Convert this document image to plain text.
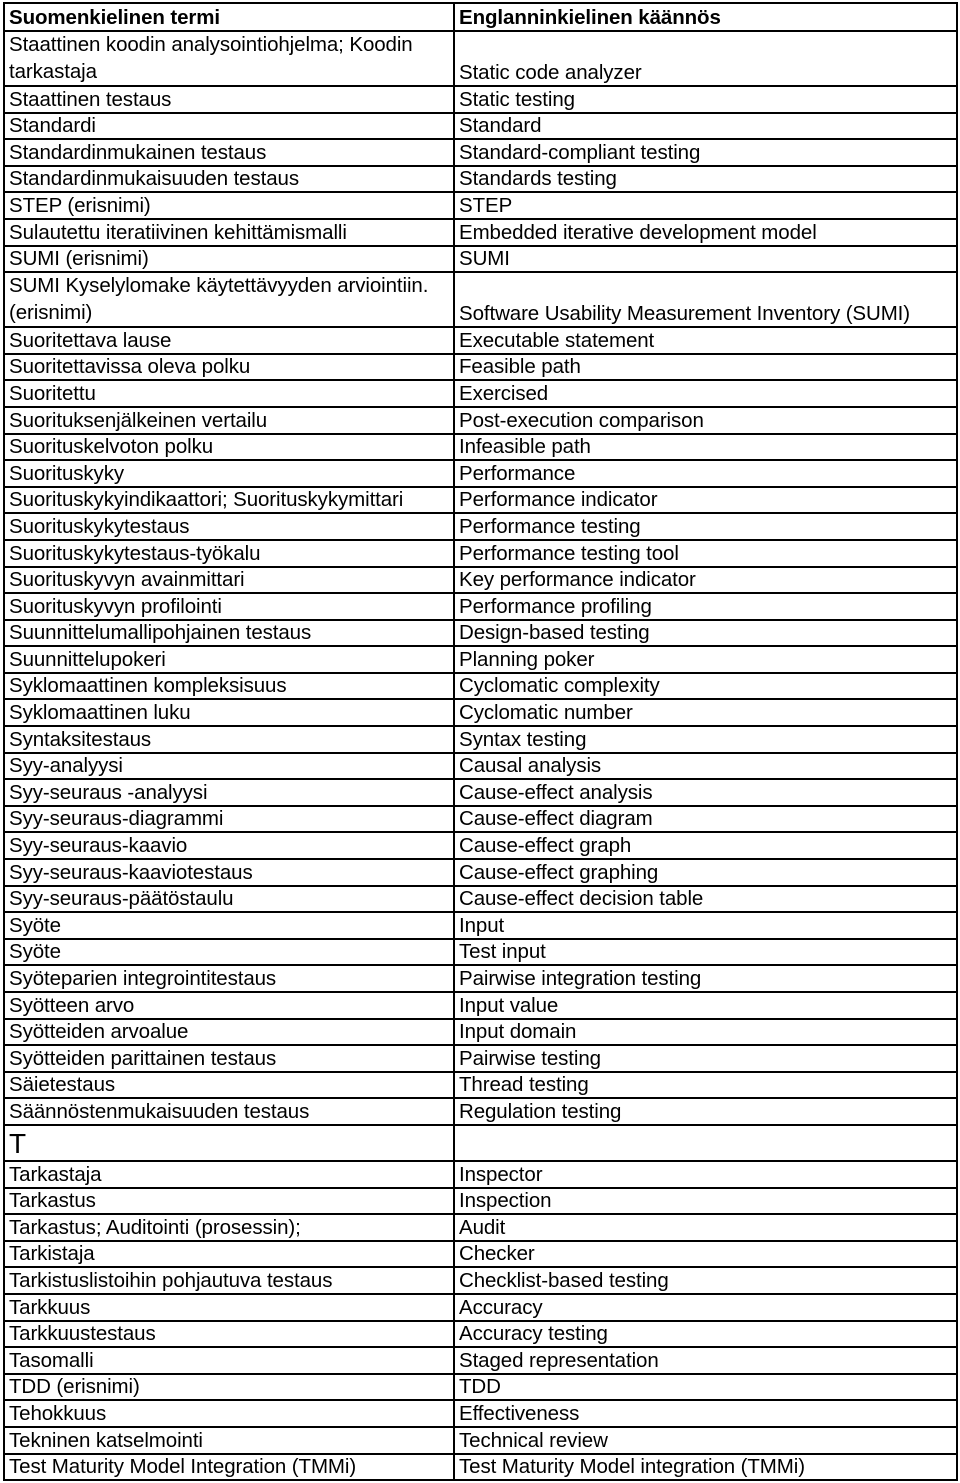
Suomenkielinen termi	Englanninkielinen käännös
Staattinen koodin analysointiohjelma; Koodin tarkastaja	Static code analyzer
Staattinen testaus	Static testing
Standardi	Standard
Standardinmukainen testaus	Standard-compliant testing
Standardinmukaisuuden testaus	Standards testing
STEP (erisnimi)	STEP
Sulautettu iteratiivinen kehittämismalli	Embedded iterative development model
SUMI (erisnimi)	SUMI
SUMI Kyselylomake käytettävyyden arviointiin. (erisnimi)	Software Usability Measurement Inventory (SUMI)
Suoritettava lause	Executable statement
Suoritettavissa oleva polku	Feasible path
Suoritettu	Exercised
Suorituksenjälkeinen vertailu	Post-execution comparison
Suorituskelvoton polku	Infeasible path
Suorituskyky	Performance
Suorituskykyindikaattori; Suorituskykymittari	Performance indicator
Suorituskykytestaus	Performance testing
Suorituskykytestaus-työkalu	Performance testing tool
Suorituskyvyn avainmittari	Key performance indicator
Suorituskyvyn profilointi	Performance profiling
Suunnittelumallipohjainen testaus	Design-based testing
Suunnittelupokeri	Planning poker
Syklomaattinen kompleksisuus	Cyclomatic complexity
Syklomaattinen luku	Cyclomatic number
Syntaksitestaus	Syntax testing
Syy-analyysi	Causal analysis
Syy-seuraus -analyysi	Cause-effect analysis
Syy-seuraus-diagrammi	Cause-effect diagram
Syy-seuraus-kaavio	Cause-effect graph
Syy-seuraus-kaaviotestaus	Cause-effect graphing
Syy-seuraus-päätöstaulu	Cause-effect decision table
Syöte	Input
Syöte	Test input
Syöteparien integrointitestaus	Pairwise integration testing
Syötteen arvo	Input value
Syötteiden arvoalue	Input domain
Syötteiden parittainen testaus	Pairwise testing
Säietestaus	Thread testing
Säännöstenmukaisuuden testaus	Regulation testing
T	
Tarkastaja	Inspector
Tarkastus	Inspection
Tarkastus; Auditointi (prosessin);	Audit
Tarkistaja	Checker
Tarkistuslistoihin pohjautuva testaus	Checklist-based testing
Tarkkuus	Accuracy
Tarkkuustestaus	Accuracy testing
Tasomalli	Staged representation
TDD (erisnimi)	TDD
Tehokkuus	Effectiveness
Tekninen katselmointi	Technical review
Test Maturity Model Integration (TMMi)	Test Maturity Model integration (TMMi)
